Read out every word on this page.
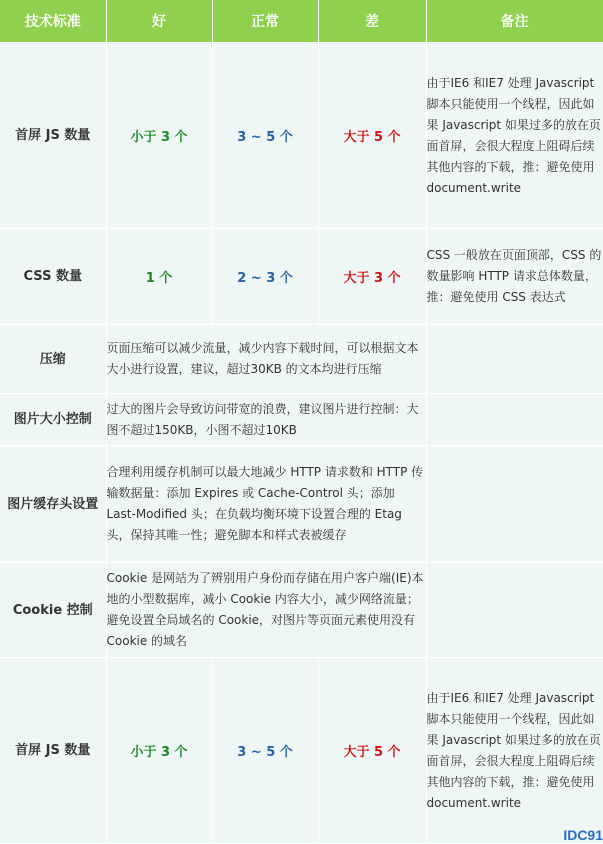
技术标准	好	正常	差	备注
首屏 JS 数量	小于 3 个	3 ~ 5 个	大于 5 个	由于IE6 和IE7 处理 Javascript 脚本只能使用一个线程，因此如果 Javascript 如果过多的放在页面首屏，会很大程度上阻碍后续其他内容的下载，推：避免使用 document.write
CSS 数量	1 个	2 ~ 3 个	大于 3 个	CSS 一般放在页面顶部，CSS 的数量影响 HTTP 请求总体数量，推：避免使用 CSS 表达式
压缩	页面压缩可以减少流量，减少内容下载时间，可以根据文本大小进行设置，建议，超过30KB 的文本均进行压缩			
图片大小控制	过大的图片会导致访问带宽的浪费，建议图片进行控制：大图不超过150KB，小图不超过10KB			
图片缓存头设置	合理利用缓存机制可以最大地减少 HTTP 请求数和 HTTP 传输数据量：添加 Expires 或 Cache-Control 头；添加 Last-Modified 头；在负载均衡环境下设置合理的 Etag 头，保持其唯一性；避免脚本和样式表被缓存			
Cookie 控制	Cookie 是网站为了辨别用户身份而存储在用户客户端(IE)本地的小型数据库，减小 Cookie 内容大小，减少网络流量；避免设置全局域名的 Cookie，对图片等页面元素使用没有 Cookie 的域名			
首屏 JS 数量	小于 3 个	3 ~ 5 个	大于 5 个	由于IE6 和IE7 处理 Javascript 脚本只能使用一个线程，因此如果 Javascript 如果过多的放在页面首屏，会很大程度上阻碍后续其他内容的下载，推：避免使用 document.write
IDC91
